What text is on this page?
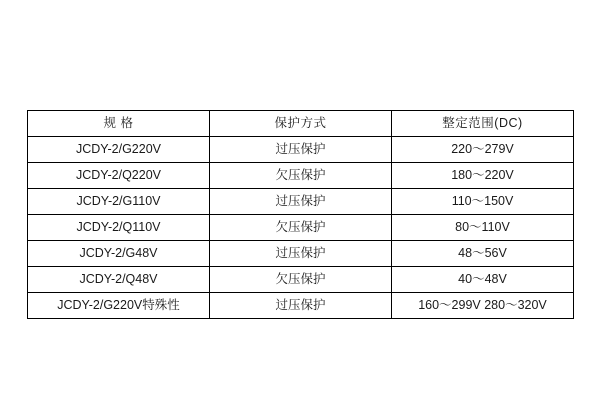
规 格	保护方式	整定范围(DC)
JCDY-2/G220V	过压保护	220～279V
JCDY-2/Q220V	欠压保护	180～220V
JCDY-2/G110V	过压保护	110～150V
JCDY-2/Q110V	欠压保护	80～110V
JCDY-2/G48V	过压保护	48～56V
JCDY-2/Q48V	欠压保护	40～48V
JCDY-2/G220V特殊性	过压保护	160～299V 280～320V
